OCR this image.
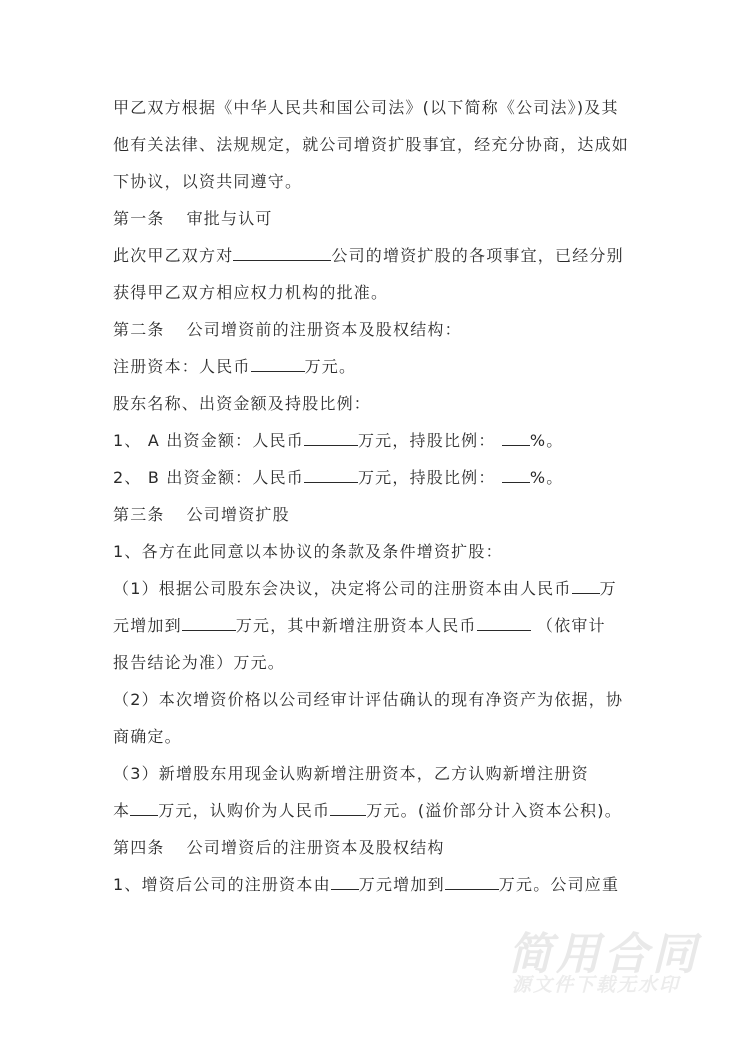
甲乙双方根据《中华人民共和国公司法》(以下简称《公司法》)及其
他有关法律、法规规定，就公司增资扩股事宜，经充分协商，达成如
下协议，以资共同遵守。
第一条 审批与认可
此次甲乙双方对	公司的增资扩股的各项事宜，已经分别
获得甲乙双方相应权力机构的批准。
第二条 公司增资前的注册资本及股权结构：
注册资本：人民币	万元。
股东名称、出资金额及持股比例：
1、 A 出资金额：人民币	万元，持股比例： %。
2、 B 出资金额：人民币	万元，持股比例： %。
第三条 公司增资扩股
1、各方在此同意以本协议的条款及条件增资扩股：
（1）根据公司股东会决议，决定将公司的注册资本由人民币 万
元增加到	万元，其中新增注册资本人民币	（依审计
报告结论为准）万元。
（2）本次增资价格以公司经审计评估确认的现有净资产为依据，协
商确定。
（3）新增股东用现金认购新增注册资本，乙方认购新增注册资
本 万元，认购价为人民币 万元。(溢价部分计入资本公积)。
第四条 公司增资后的注册资本及股权结构
1、增资后公司的注册资本由 万元增加到	万元。公司应重
简用合同
源文件下载无水印
